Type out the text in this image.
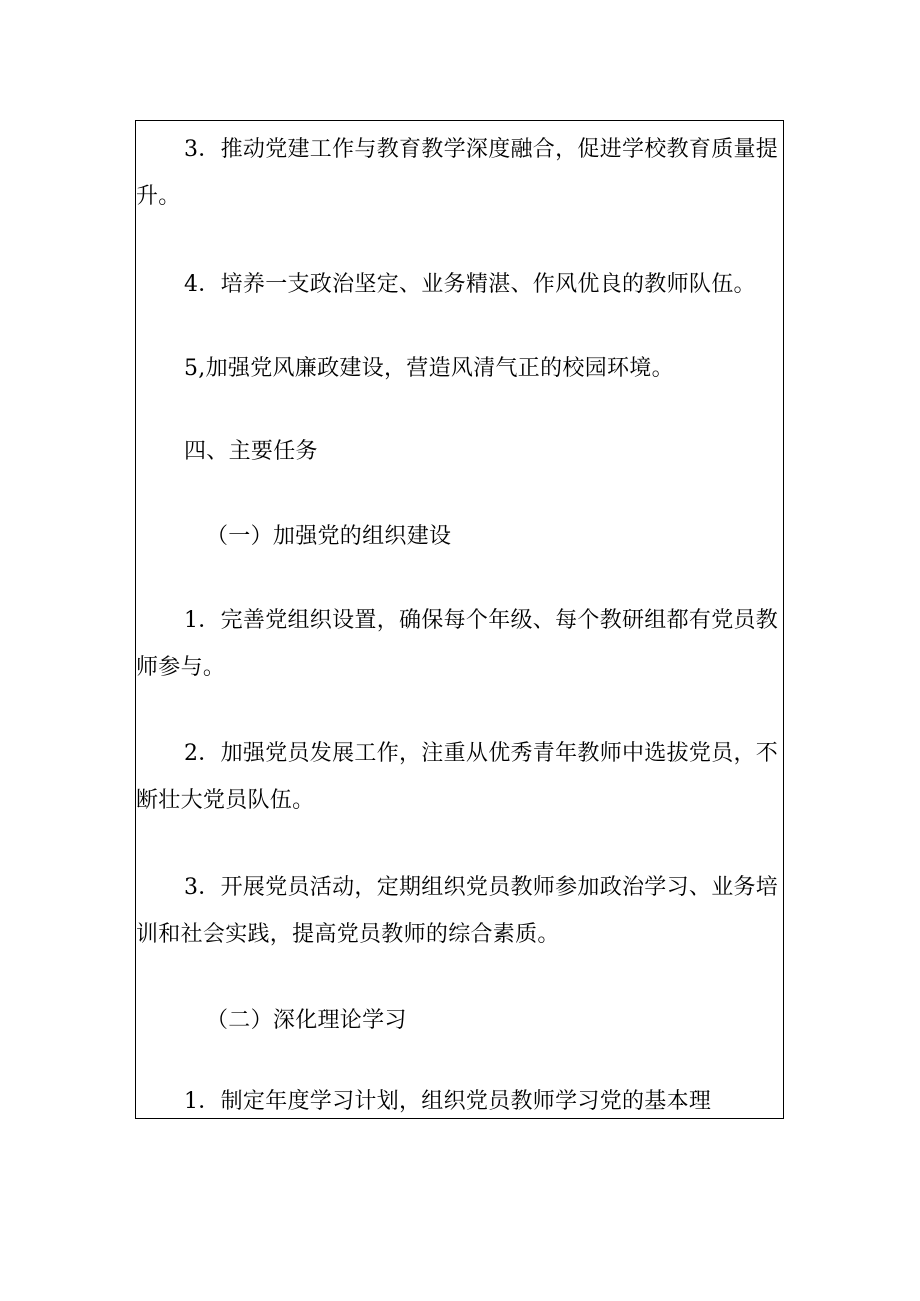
3．推动党建工作与教育教学深度融合，促进学校教育质量提升。

4．培养一支政治坚定、业务精湛、作风优良的教师队伍。

5,加强党风廉政建设，营造风清气正的校园环境。

四、主要任务

（一）加强党的组织建设

1．完善党组织设置，确保每个年级、每个教研组都有党员教师参与。

2．加强党员发展工作，注重从优秀青年教师中选拔党员，不断壮大党员队伍。

3．开展党员活动，定期组织党员教师参加政治学习、业务培训和社会实践，提高党员教师的综合素质。

（二）深化理论学习

1．制定年度学习计划，组织党员教师学习党的基本理
